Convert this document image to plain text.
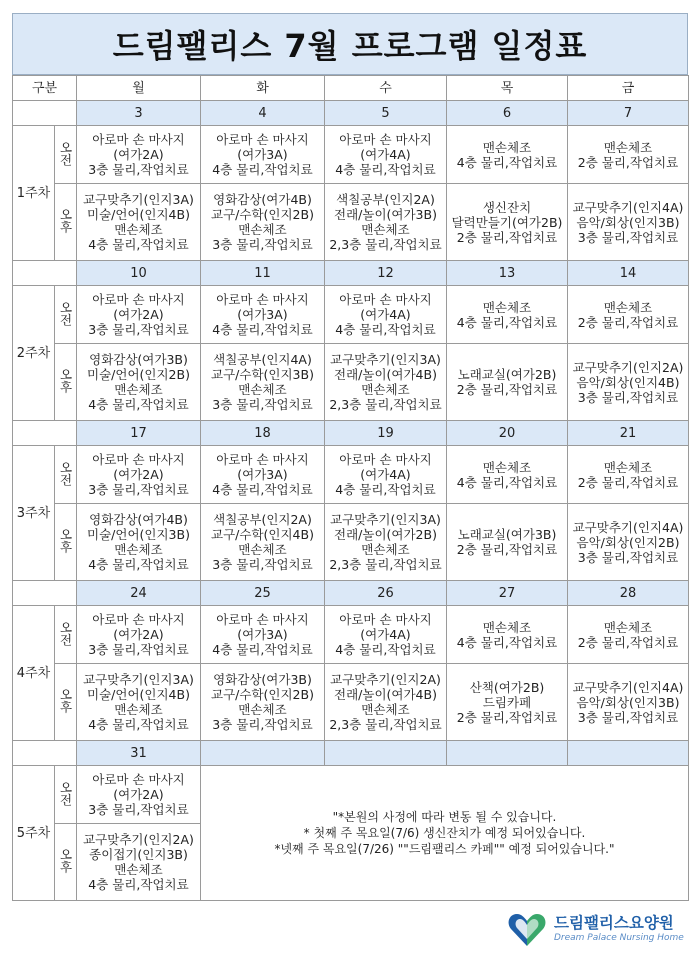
드림팰리스 7월 프로그램 일정표
구분		월	화	수	목	금
		3	4	5	6	7
1주차	오전	아로마 손 마사지
(여가2A)
3층 물리,작업치료	아로마 손 마사지
(여가3A)
4층 물리,작업치료	아로마 손 마사지
(여가4A)
4층 물리,작업치료	맨손체조
4층 물리,작업치료	맨손체조
2층 물리,작업치료

	오후	교구맞추기(인지3A)
미술/언어(인지4B)
맨손체조
4층 물리,작업치료	영화감상(여가4B)
교구/수학(인지2B)
맨손체조
3층 물리,작업치료	색칠공부(인지2A)
전래/놀이(여가3B)
맨손체조
2,3층 물리,작업치료	생신잔치
달력만들기(여가2B)
2층 물리,작업치료	교구맞추기(인지4A)
음악/회상(인지3B)
3층 물리,작업치료

		10	11	12	13	14
2주차	오전	아로마 손 마사지
(여가2A)
3층 물리,작업치료	아로마 손 마사지
(여가3A)
4층 물리,작업치료	아로마 손 마사지
(여가4A)
4층 물리,작업치료	맨손체조
4층 물리,작업치료	맨손체조
2층 물리,작업치료

	오후	영화감상(여가3B)
미술/언어(인지2B)
맨손체조
4층 물리,작업치료	색칠공부(인지4A)
교구/수학(인지3B)
맨손체조
3층 물리,작업치료	교구맞추기(인지3A)
전래/놀이(여가4B)
맨손체조
2,3층 물리,작업치료	노래교실(여가2B)
2층 물리,작업치료	교구맞추기(인지2A)
음악/회상(인지4B)
3층 물리,작업치료

		17	18	19	20	21
3주차	오전	아로마 손 마사지
(여가2A)
3층 물리,작업치료	아로마 손 마사지
(여가3A)
4층 물리,작업치료	아로마 손 마사지
(여가4A)
4층 물리,작업치료	맨손체조
4층 물리,작업치료	맨손체조
2층 물리,작업치료

	오후	영화감상(여가4B)
미술/언어(인지3B)
맨손체조
4층 물리,작업치료	색칠공부(인지2A)
교구/수학(인지4B)
맨손체조
3층 물리,작업치료	교구맞추기(인지3A)
전래/놀이(여가2B)
맨손체조
2,3층 물리,작업치료	노래교실(여가3B)
2층 물리,작업치료	교구맞추기(인지4A)
음악/회상(인지2B)
3층 물리,작업치료

		24	25	26	27	28
4주차	오전	아로마 손 마사지
(여가2A)
3층 물리,작업치료	아로마 손 마사지
(여가3A)
4층 물리,작업치료	아로마 손 마사지
(여가4A)
4층 물리,작업치료	맨손체조
4층 물리,작업치료	맨손체조
2층 물리,작업치료

	오후	교구맞추기(인지3A)
미술/언어(인지4B)
맨손체조
4층 물리,작업치료	영화감상(여가3B)
교구/수학(인지2B)
맨손체조
3층 물리,작업치료	교구맞추기(인지2A)
전래/놀이(여가4B)
맨손체조
2,3층 물리,작업치료	산책(여가2B)
드림카페
2층 물리,작업치료	교구맞추기(인지4A)
음악/회상(인지3B)
3층 물리,작업치료

		31				
5주차	오전	아로마 손 마사지
(여가2A)
3층 물리,작업치료	"*본원의 사정에 따라 변동 될 수 있습니다.
* 첫째 주 목요일(7/6) 생신잔치가 예정 되어있습니다.
*넷째 주 목요일(7/26) ""드림팰리스 카페"" 예정 되어있습니다."			

	오후	교구맞추기(인지2A)
종이접기(인지3B)
맨손체조
4층 물리,작업치료				
드림팰리스요양원
Dream Palace Nursing Home
